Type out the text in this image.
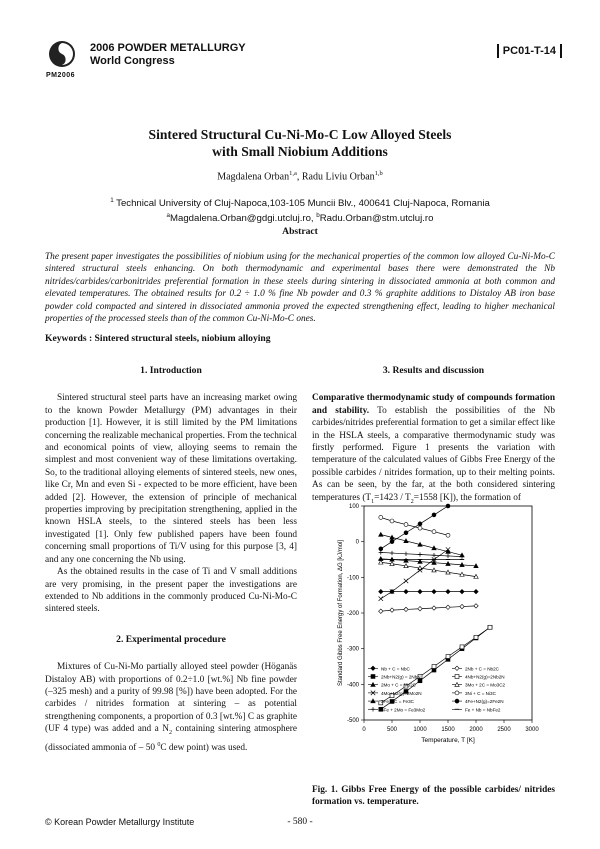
PM2006
2006 POWDER METALLURGY
World Congress
PC01-T-14
Sintered Structural Cu-Ni-Mo-C Low Alloyed Steels
with Small Niobium Additions
Magdalena Orban$^{1,a}$, Radu Liviu Orban$^{1,b}$
$^1$ Technical University of Cluj-Napoca,103-105 Muncii Blv., 400641 Cluj-Napoca, Romania
$^a$Magdalena.Orban@gdgi.utcluj.ro, $^b$Radu.Orban@stm.utcluj.ro
Abstract
The present paper investigates the possibilities of niobium using for the mechanical properties of the common low alloyed Cu-Ni-Mo-C sintered structural steels enhancing. On both thermodynamic and experimental bases there were demonstrated the Nb nitrides/carbides/carbonitrides preferential formation in these steels during sintering in dissociated ammonia at both common and elevated temperatures. The obtained results for 0.2 ÷ 1.0 % fine Nb powder and 0.3 % graphite additions to Distaloy AB iron base powder cold compacted and sintered in dissociated ammonia proved the expected strengthening effect, leading to higher mechanical properties of the processed steels than of the common Cu-Ni-Mo-C ones.
Keywords : Sintered structural steels, niobium alloying
1. Introduction

Sintered structural steel parts have an increasing market owing to the known Powder Metallurgy (PM) advantages in their production [1]. However, it is still limited by the PM limitations concerning the realizable mechanical properties. From the technical and economical points of view, alloying seems to remain the simplest and most convenient way of these limitations overtaking. So, to the traditional alloying elements of sintered steels, new ones, like Cr, Mn and even Si - expected to be more efficient, have been added [2]. However, the extension of principle of mechanical properties improving by precipitation strengthening, applied in the known HSLA steels, to the sintered steels has been less investigated [1]. Only few published papers have been found concerning small proportions of Ti/V using for this purpose [3, 4] and any one concerning the Nb using.

As the obtained results in the case of Ti and V small additions are very promising, in the present paper the investigations are extended to Nb additions in the commonly produced Cu-Ni-Mo-C sintered steels.

2. Experimental procedure

Mixtures of Cu-Ni-Mo partially alloyed steel powder (Höganäs Distaloy AB) with proportions of 0.2÷1.0 [wt.%] Nb fine powder (–325 mesh) and a purity of 99.98 [%]) have been adopted. For the carbides / nitrides formation at sintering – as potential strengthening components, a proportion of 0.3 [wt.%] C as graphite (UF 4 type) was added and a $N_2$ containing sintering atmosphere (dissociated ammonia of – 50 $^0$C dew point) was used.

3. Results and discussion

Comparative thermodynamic study of compounds formation and stability. To establish the possibilities of the Nb carbides/nitrides preferential formation to get a similar effect like in the HSLA steels, a comparative thermodynamic study was firstly performed. Figure 1 presents the variation with temperature of the calculated values of Gibbs Free Energy of the possible carbides / nitrides formation, up to their melting points. As can be seen, by the far, at the both considered sintering temperatures ($T_1=1423 / T_2=1558$ [K]), the formation of

0	500	1000 1500 2000 2500 3000
-500
-400
-300
-200
-100
0
100
Temperature, T [K]
Standard Gibbs Free Energy of Formation, ΔG [kJ/mol]	Nb + C = NbC	2Nb + C = Nb2C
2Nb+N2(g) = 2NbN	4Nb+N2(g)=2Nb2N
2Mo + C = Mo2C	3Mo + 2C = Mo3C2
4Mo+N2(g)=2Mo2N	3Ni + C = Ni3C
3Fe + C = Fe3C	4Fe+N2(g)=2Fe2N
3Fe + 2Mo = Fe3Mo2	Fe + Nb = NbFe2
Fig. 1. Gibbs Free Energy of the possible carbides/ nitrides formation vs. temperature.
© Korean Powder Metallurgy Institute	- 580 -
